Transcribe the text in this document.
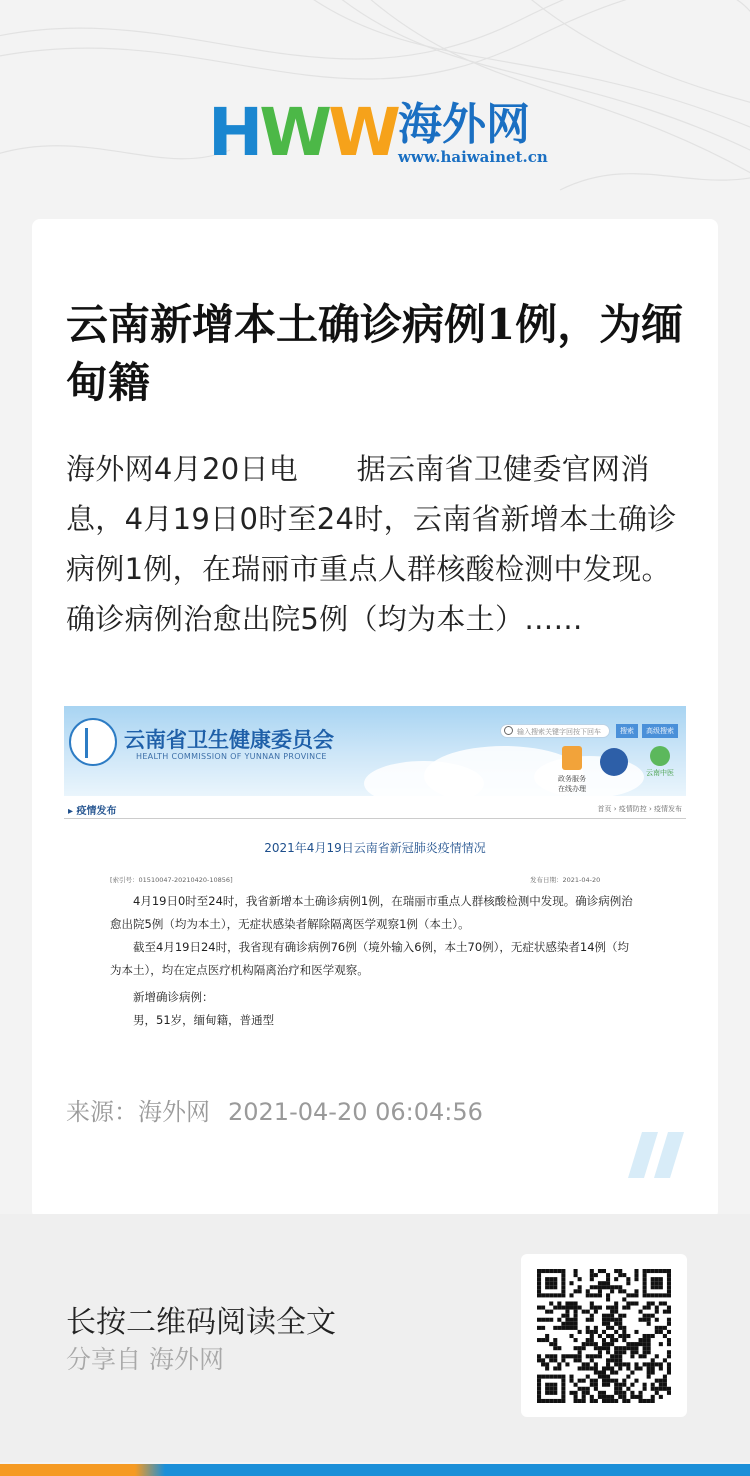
HWW 海外网
www.haiwainet.cn
云南新增本土确诊病例1例，为缅甸籍
海外网4月20日电　　据云南省卫健委官网消息，4月19日0时至24时，云南省新增本土确诊病例1例，在瑞丽市重点人群核酸检测中发现。确诊病例治愈出院5例（均为本土）……
云南省卫生健康委员会
HEALTH COMMISSION OF YUNNAN PROVINCE
输入搜索关键字回按下回车	搜索	高级搜索
政务服务
在线办理
云南中医
▸ 疫情发布	首页 › 疫情防控 › 疫情发布
2021年4月19日云南省新冠肺炎疫情情况
[索引号：01510047-20210420-10856]	发布日期：2021-04-20
　　4月19日0时至24时，我省新增本土确诊病例1例，在瑞丽市重点人群核酸检测中发现。确诊病例治愈出院5例（均为本土），无症状感染者解除隔离医学观察1例（本土）。
　　截至4月19日24时，我省现有确诊病例76例（境外输入6例，本土70例），无症状感染者14例（均为本土），均在定点医疗机构隔离治疗和医学观察。
　　新增确诊病例：
　　男，51岁，缅甸籍，普通型
来源：海外网 2021-04-20 06:04:56
长按二维码阅读全文
分享自 海外网
